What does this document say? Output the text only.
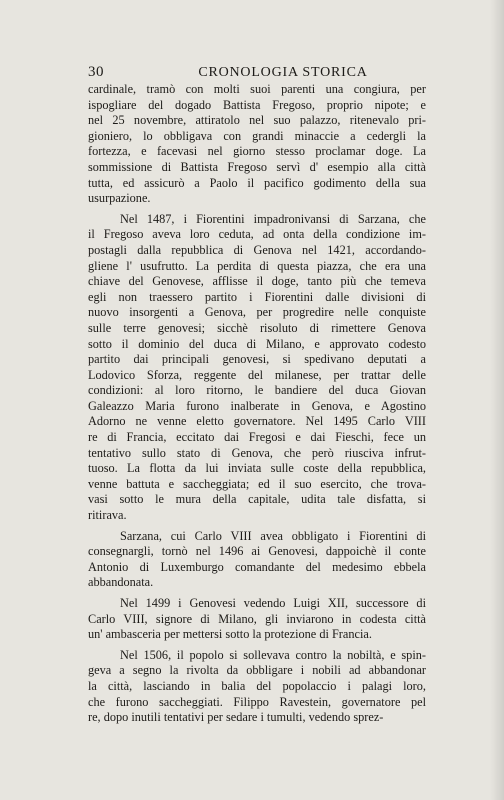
30	CRONOLOGIA STORICA
cardinale, tramò con molti suoi parenti una congiura, per
ispogliare del dogado Battista Fregoso, proprio nipote; e
nel 25 novembre, attiratolo nel suo palazzo, ritenevalo pri-
gioniero, lo obbligava con grandi minaccie a cedergli la
fortezza, e facevasi nel giorno stesso proclamar doge. La
sommissione di Battista Fregoso servì d' esempio alla città
tutta, ed assicurò a Paolo il pacifico godimento della sua
usurpazione.
Nel 1487, i Fiorentini impadronivansi di Sarzana, che
il Fregoso aveva loro ceduta, ad onta della condizione im-
postagli dalla repubblica di Genova nel 1421, accordando-
gliene l' usufrutto. La perdita di questa piazza, che era una
chiave del Genovese, afflisse il doge, tanto più che temeva
egli non traessero partito i Fiorentini dalle divisioni di
nuovo insorgenti a Genova, per progredire nelle conquiste
sulle terre genovesi; sicchè risoluto di rimettere Genova
sotto il dominio del duca di Milano, e approvato codesto
partito dai principali genovesi, si spedivano deputati a
Lodovico Sforza, reggente del milanese, per trattar delle
condizioni: al loro ritorno, le bandiere del duca Giovan
Galeazzo Maria furono inalberate in Genova, e Agostino
Adorno ne venne eletto governatore. Nel 1495 Carlo VIII
re di Francia, eccitato dai Fregosi e dai Fieschi, fece un
tentativo sullo stato di Genova, che però riusciva infrut-
tuoso. La flotta da lui inviata sulle coste della repubblica,
venne battuta e saccheggiata; ed il suo esercito, che trova-
vasi sotto le mura della capitale, udita tale disfatta, si
ritirava.
Sarzana, cui Carlo VIII avea obbligato i Fiorentini di
consegnargli, tornò nel 1496 ai Genovesi, dappoichè il conte
Antonio di Luxemburgo comandante del medesimo ebbela
abbandonata.
Nel 1499 i Genovesi vedendo Luigi XII, successore di
Carlo VIII, signore di Milano, gli inviarono in codesta città
un' ambasceria per mettersi sotto la protezione di Francia.
Nel 1506, il popolo si sollevava contro la nobiltà, e spin-
geva a segno la rivolta da obbligare i nobili ad abbandonar
la città, lasciando in balia del popolaccio i palagi loro,
che furono saccheggiati. Filippo Ravestein, governatore pel
re, dopo inutili tentativi per sedare i tumulti, vedendo sprez-
